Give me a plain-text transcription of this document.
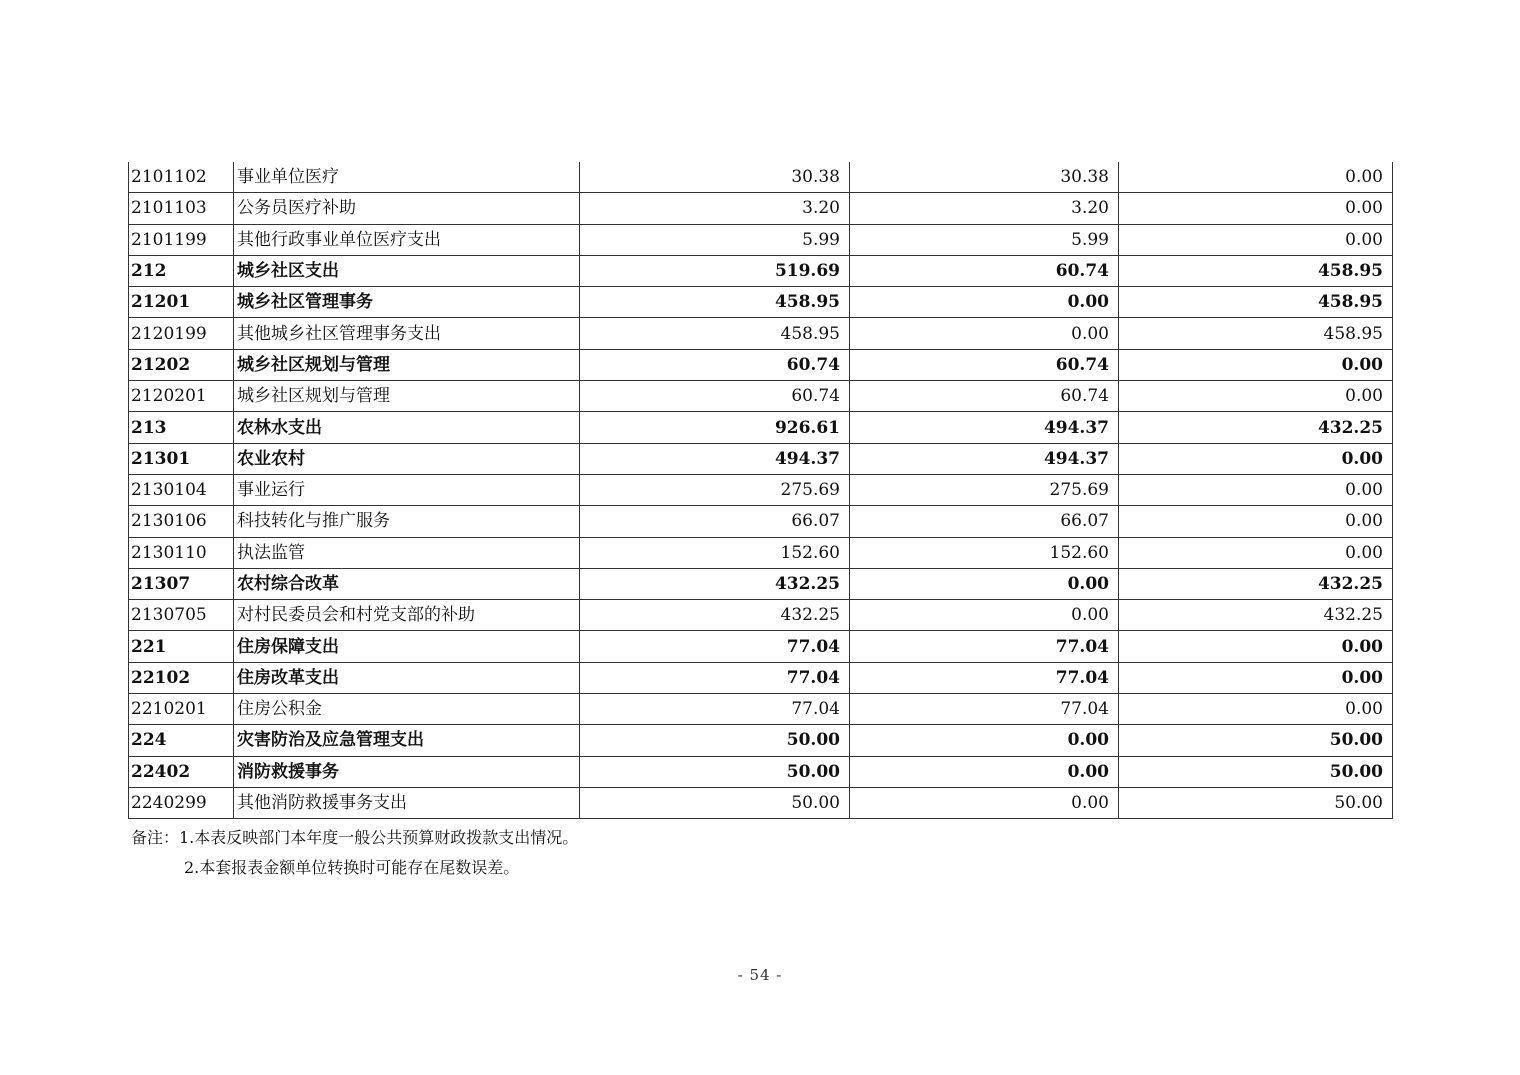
2101102	事业单位医疗	30.38	30.38	0.00
2101103	公务员医疗补助	3.20	3.20	0.00
2101199	其他行政事业单位医疗支出	5.99	5.99	0.00
212	城乡社区支出	519.69	60.74	458.95
21201	城乡社区管理事务	458.95	0.00	458.95
2120199	其他城乡社区管理事务支出	458.95	0.00	458.95
21202	城乡社区规划与管理	60.74	60.74	0.00
2120201	城乡社区规划与管理	60.74	60.74	0.00
213	农林水支出	926.61	494.37	432.25
21301	农业农村	494.37	494.37	0.00
2130104	事业运行	275.69	275.69	0.00
2130106	科技转化与推广服务	66.07	66.07	0.00
2130110	执法监管	152.60	152.60	0.00
21307	农村综合改革	432.25	0.00	432.25
2130705	对村民委员会和村党支部的补助	432.25	0.00	432.25
221	住房保障支出	77.04	77.04	0.00
22102	住房改革支出	77.04	77.04	0.00
2210201	住房公积金	77.04	77.04	0.00
224	灾害防治及应急管理支出	50.00	0.00	50.00
22402	消防救援事务	50.00	0.00	50.00
2240299	其他消防救援事务支出	50.00	0.00	50.00
备注：1.本表反映部门本年度一般公共预算财政拨款支出情况。
2.本套报表金额单位转换时可能存在尾数误差。
- 54 -
